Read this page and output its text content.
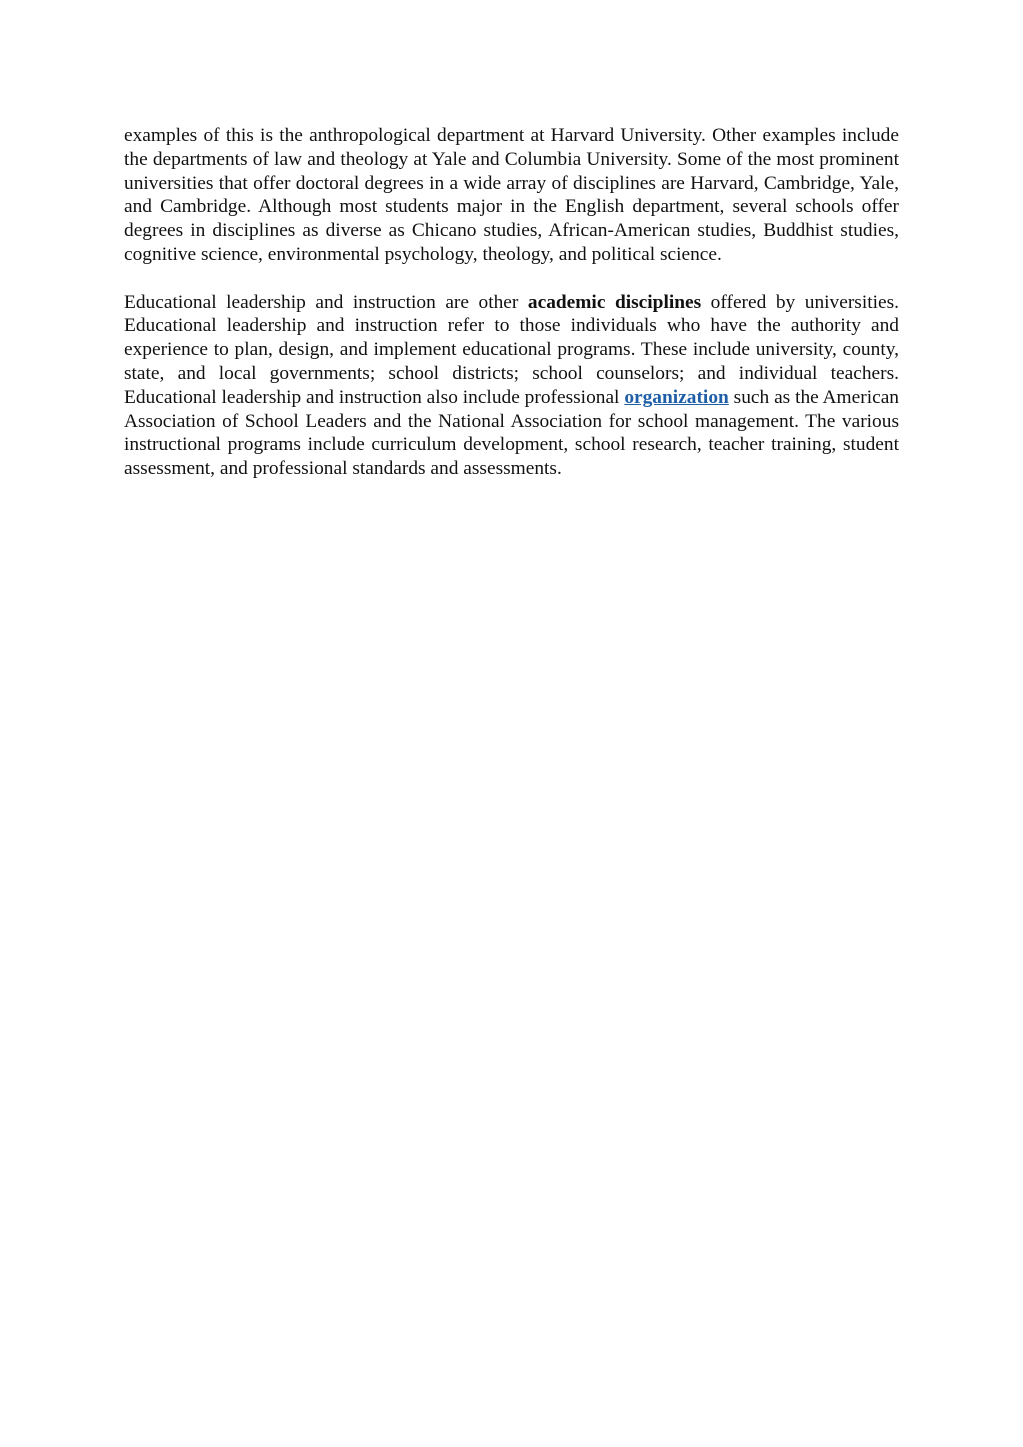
examples of this is the anthropological department at Harvard University. Other examples include the departments of law and theology at Yale and Columbia University. Some of the most prominent universities that offer doctoral degrees in a wide array of disciplines are Harvard, Cambridge, Yale, and Cambridge. Although most students major in the English department, several schools offer degrees in disciplines as diverse as Chicano studies, African-American studies, Buddhist studies, cognitive science, environmental psychology, theology, and political science.

Educational leadership and instruction are other academic disciplines offered by universities. Educational leadership and instruction refer to those individuals who have the authority and experience to plan, design, and implement educational programs. These include university, county, state, and local governments; school districts; school counselors; and individual teachers. Educational leadership and instruction also include professional organization such as the American Association of School Leaders and the National Association for school management. The various instructional programs include curriculum development, school research, teacher training, student assessment, and professional standards and assessments.
